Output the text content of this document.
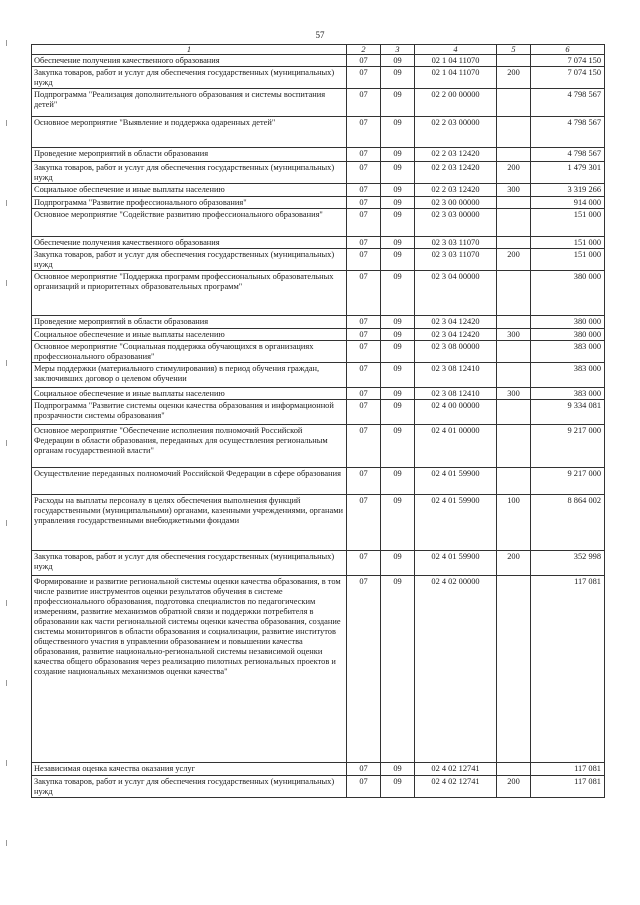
57
1	2	3	4	5	6
Обеспечение получения качественного образования	07	09	02 1 04 11070		7 074 150
Закупка товаров, работ и услуг для обеспечения государственных (муниципальных) нужд	07	09	02 1 04 11070	200	7 074 150
Подпрограмма "Реализация дополнительного образования и системы воспитания детей"	07	09	02 2 00 00000		4 798 567
Основное мероприятие "Выявление и поддержка одаренных детей"	07	09	02 2 03 00000		4 798 567
Проведение мероприятий в области образования	07	09	02 2 03 12420		4 798 567
Закупка товаров, работ и услуг для обеспечения государственных (муниципальных) нужд	07	09	02 2 03 12420	200	1 479 301
Социальное обеспечение и иные выплаты населению	07	09	02 2 03 12420	300	3 319 266
Подпрограмма "Развитие профессионального образования"	07	09	02 3 00 00000		914 000
Основное мероприятие "Содействие развитию профессионального образования"	07	09	02 3 03 00000		151 000
Обеспечение получения качественного образования	07	09	02 3 03 11070		151 000
Закупка товаров, работ и услуг для обеспечения государственных (муниципальных) нужд	07	09	02 3 03 11070	200	151 000
Основное мероприятие "Поддержка программ профессиональных образовательных организаций и приоритетных образовательных программ"	07	09	02 3 04 00000		380 000
Проведение мероприятий в области образования	07	09	02 3 04 12420		380 000
Социальное обеспечение и иные выплаты населению	07	09	02 3 04 12420	300	380 000
Основное мероприятие "Социальная поддержка обучающихся в организациях профессионального образования"	07	09	02 3 08 00000		383 000
Меры поддержки (материального стимулирования) в период обучения граждан, заключивших договор о целевом обучении	07	09	02 3 08 12410		383 000
Социальное обеспечение и иные выплаты населению	07	09	02 3 08 12410	300	383 000
Подпрограмма "Развитие системы оценки качества образования и информационной прозрачности системы образования"	07	09	02 4 00 00000		9 334 081
Основное мероприятие "Обеспечение исполнения полномочий Российской Федерации в области образования, переданных для осуществления региональным органам государственной власти"	07	09	02 4 01 00000		9 217 000
Осуществление переданных полномочий Российской Федерации в сфере образования	07	09	02 4 01 59900		9 217 000
Расходы на выплаты персоналу в целях обеспечения выполнения функций государственными (муниципальными) органами, казенными учреждениями, органами управления государственными внебюджетными фондами	07	09	02 4 01 59900	100	8 864 002
Закупка товаров, работ и услуг для обеспечения государственных (муниципальных) нужд	07	09	02 4 01 59900	200	352 998
Формирование и развитие региональной системы оценки качества образования, в том числе развитие инструментов оценки результатов обучения в системе профессионального образования, подготовка специалистов по педагогическим измерениям, развитие механизмов обратной связи и поддержки потребителя в образовании как части региональной системы оценки качества образования, создание системы мониторингов в области образования и социализации, развитие институтов общественного участия в управлении образованием и повышении качества образования, развитие национально-региональной системы независимой оценки качества общего образования через реализацию пилотных региональных проектов и создание национальных механизмов оценки качества"	07	09	02 4 02 00000		117 081
Независимая оценка качества оказания услуг	07	09	02 4 02 12741		117 081
Закупка товаров, работ и услуг для обеспечения государственных (муниципальных) нужд	07	09	02 4 02 12741	200	117 081
